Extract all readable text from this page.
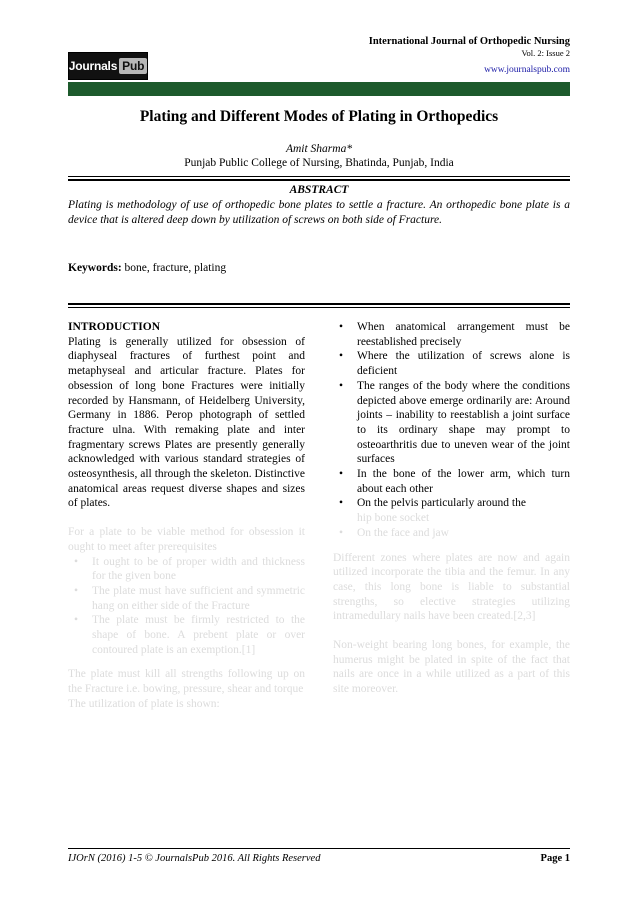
International Journal of Orthopedic Nursing
Vol. 2: Issue 2
www.journalspub.com
Journals Pub
Plating and Different Modes of Plating in Orthopedics
Amit Sharma*
Punjab Public College of Nursing, Bhatinda, Punjab, India
ABSTRACT
Plating is methodology of use of orthopedic bone plates to settle a fracture. An orthopedic bone plate is a device that is altered deep down by utilization of screws on both side of Fracture.
Keywords: bone, fracture, plating

INTRODUCTION

Plating is generally utilized for obsession of diaphyseal fractures of furthest point and metaphyseal and articular fracture. Plates for obsession of long bone Fractures were initially recorded by Hansmann, of Heidelberg University, Germany in 1886. Perop photograph of settled fracture ulna. With remaking plate and inter fragmentary screws Plates are presently generally acknowledged with various standard strategies of osteosynthesis, all through the skeleton. Distinctive anatomical areas request diverse shapes and sizes of plates.

For a plate to be viable method for obsession it ought to meet after prerequisites

• It ought to be of proper width and thickness for the given bone
• The plate must have sufficient and symmetric hang on either side of the Fracture
• The plate must be firmly restricted to the shape of bone. A prebent plate or over contoured plate is an exemption.[1]

The plate must kill all strengths following up on the Fracture i.e. bowing, pressure, shear and torque

The utilization of plate is shown:

• When anatomical arrangement must be reestablished precisely
• Where the utilization of screws alone is deficient
• The ranges of the body where the conditions depicted above emerge ordinarily are: Around joints – inability to reestablish a joint surface to its ordinary shape may prompt to osteoarthritis due to uneven wear of the joint surfaces
• In the bone of the lower arm, which turn about each other
• On the pelvis particularly around the
hip bone socket
• On the face and jaw

Different zones where plates are now and again utilized incorporate the tibia and the femur. In any case, this long bone is liable to substantial strengths, so elective strategies utilizing intramedullary nails have been created.[2,3]

Non-weight bearing long bones, for example, the humerus might be plated in spite of the fact that nails are once in a while utilized as a part of this site moreover.

IJOrN (2016) 1-5 © JournalsPub 2016. All Rights Reserved	Page 1
